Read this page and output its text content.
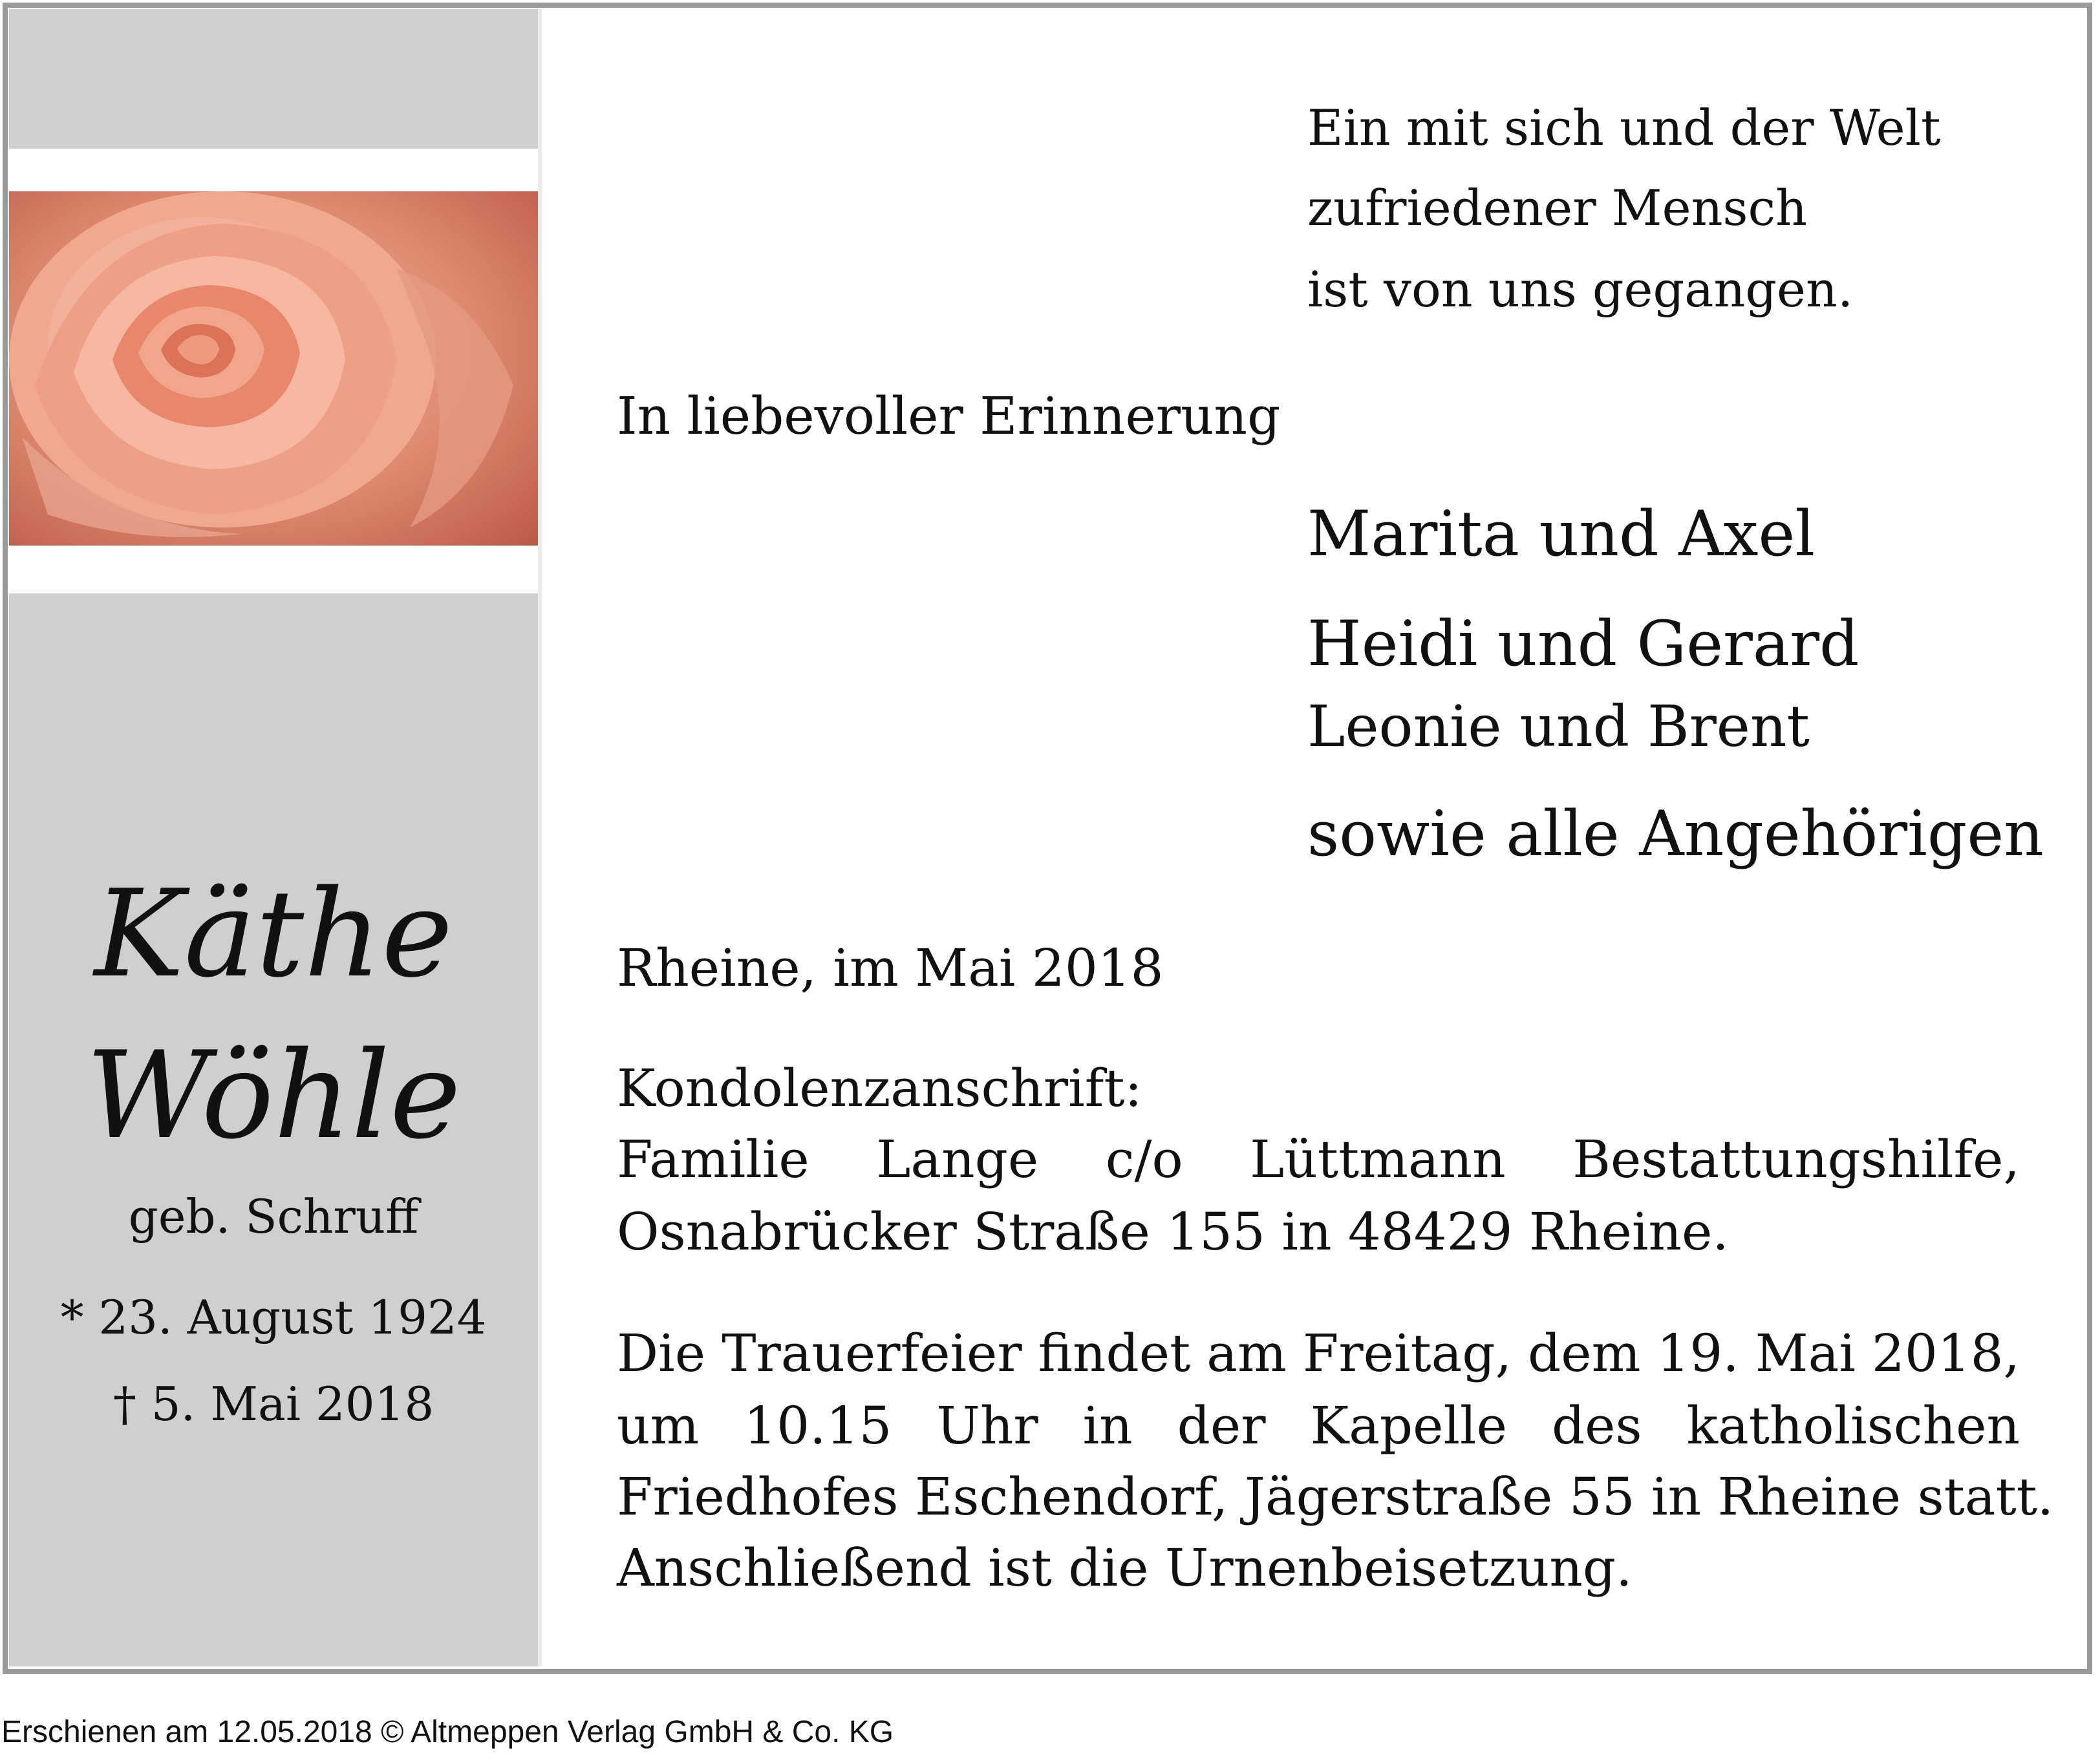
Ein mit sich und der Welt
zufriedener Mensch
ist von uns gegangen.
In liebevoller Erinnerung
Marita und Axel
Heidi und Gerard
Leonie und Brent
sowie alle Angehörigen
Rheine, im Mai 2018
Kondolenzanschrift:
Familie Lange c/o Lüttmann Bestattungshilfe,
Osnabrücker Straße 155 in 48429 Rheine.
Die Trauerfeier findet am Freitag, dem 19. Mai 2018,
um 10.15 Uhr in der Kapelle des katholischen
Friedhofes Eschendorf, Jägerstraße 55 in Rheine statt.
Anschließend ist die Urnenbeisetzung.
Käthe
Wöhle
geb. Schruff
* 23. August 1924
† 5. Mai 2018
Erschienen am 12.05.2018 © Altmeppen Verlag GmbH & Co. KG
